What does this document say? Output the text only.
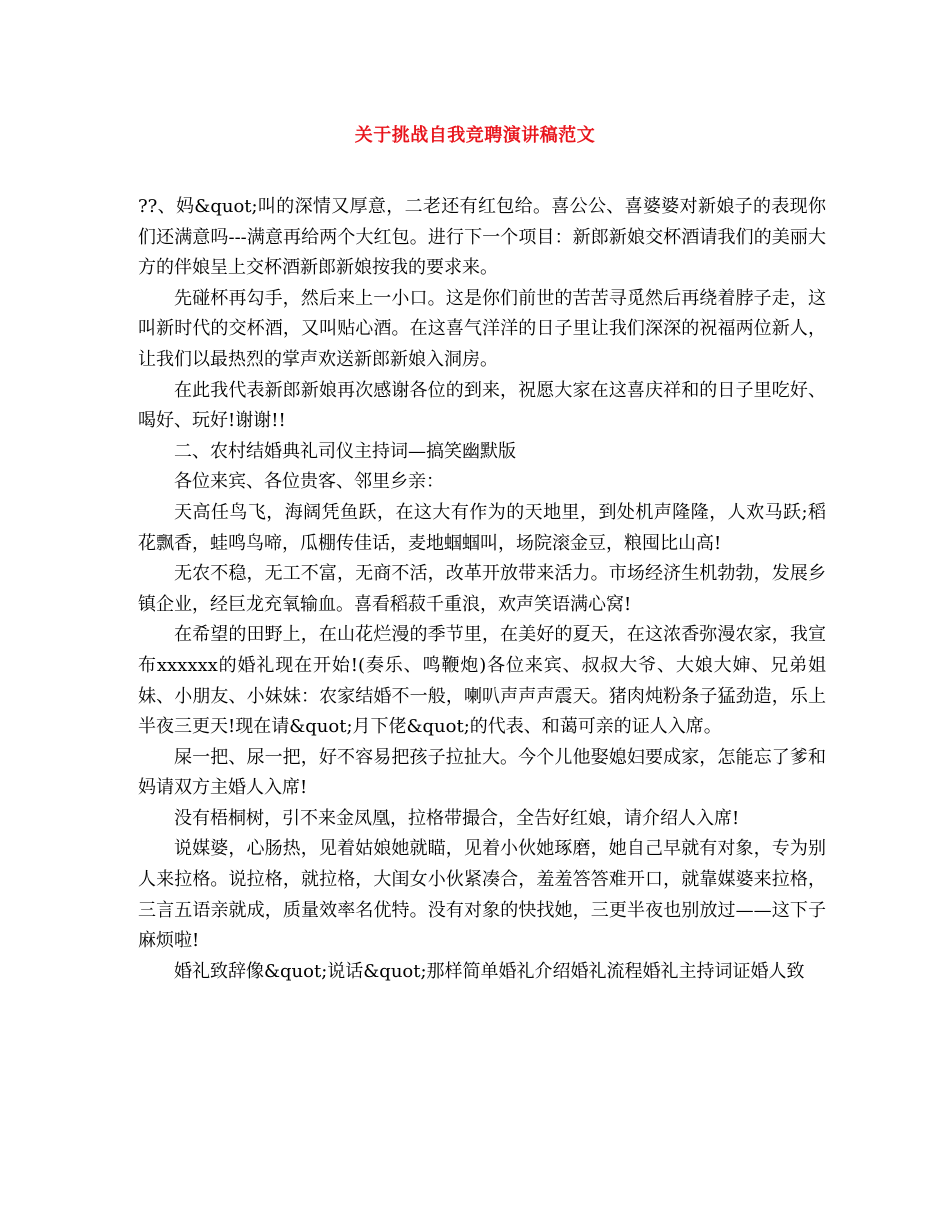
关于挑战自我竞聘演讲稿范文

??、妈&quot;叫的深情又厚意，二老还有红包给。喜公公、喜婆婆对新娘子的表现你们还满意吗---满意再给两个大红包。进行下一个项目：新郎新娘交杯酒请我们的美丽大方的伴娘呈上交杯酒新郎新娘按我的要求来。

先碰杯再勾手，然后来上一小口。这是你们前世的苦苦寻觅然后再绕着脖子走，这叫新时代的交杯酒，又叫贴心酒。在这喜气洋洋的日子里让我们深深的祝福两位新人，让我们以最热烈的掌声欢送新郎新娘入洞房。

在此我代表新郎新娘再次感谢各位的到来，祝愿大家在这喜庆祥和的日子里吃好、喝好、玩好!谢谢!!

二、农村结婚典礼司仪主持词—搞笑幽默版

各位来宾、各位贵客、邻里乡亲：

天高任鸟飞，海阔凭鱼跃，在这大有作为的天地里，到处机声隆隆，人欢马跃;稻花飘香，蛙鸣鸟啼，瓜棚传佳话，麦地蝈蝈叫，场院滚金豆，粮囤比山高!

无农不稳，无工不富，无商不活，改革开放带来活力。市场经济生机勃勃，发展乡镇企业，经巨龙充氧输血。喜看稻菽千重浪，欢声笑语满心窝!

在希望的田野上，在山花烂漫的季节里，在美好的夏天，在这浓香弥漫农家，我宣布xxxxxx的婚礼现在开始!(奏乐、鸣鞭炮)各位来宾、叔叔大爷、大娘大婶、兄弟姐妹、小朋友、小妹妹：农家结婚不一般，喇叭声声声震天。猪肉炖粉条子猛劲造，乐上半夜三更天!现在请&quot;月下佬&quot;的代表、和蔼可亲的证人入席。

屎一把、尿一把，好不容易把孩子拉扯大。今个儿他娶媳妇要成家，怎能忘了爹和妈请双方主婚人入席!

没有梧桐树，引不来金凤凰，拉格带撮合，全告好红娘，请介绍人入席!

说媒婆，心肠热，见着姑娘她就瞄，见着小伙她琢磨，她自己早就有对象，专为别人来拉格。说拉格，就拉格，大闺女小伙紧凑合，羞羞答答难开口，就靠媒婆来拉格，三言五语亲就成，质量效率名优特。没有对象的快找她，三更半夜也别放过——这下子麻烦啦!

婚礼致辞像&quot;说话&quot;那样简单婚礼介绍婚礼流程婚礼主持词证婚人致
